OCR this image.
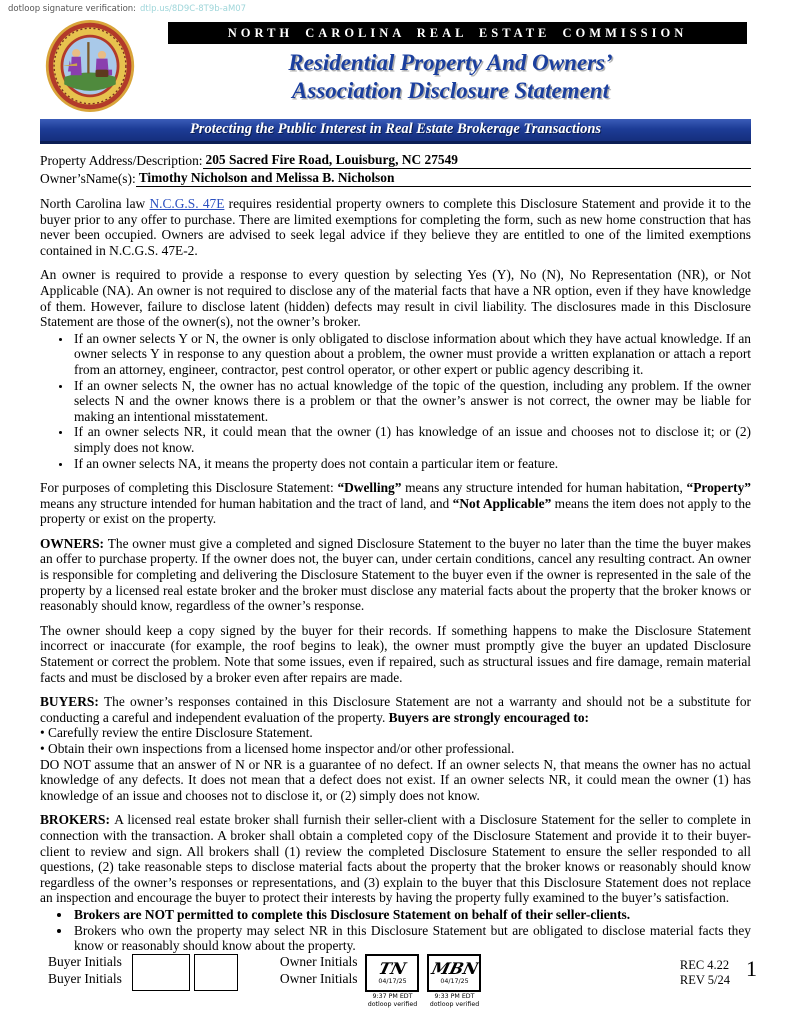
dotloop signature verification: dtlp.us/8D9C-8T9b-aM07
NORTH CAROLINA REAL ESTATE COMMISSION
Residential Property And Owners’
Association Disclosure Statement
Protecting the Public Interest in Real Estate Brokerage Transactions
Property Address/Description: 205 Sacred Fire Road, Louisburg, NC 27549
Owner’sName(s): Timothy Nicholson and Melissa B. Nicholson

North Carolina law N.C.G.S. 47E requires residential property owners to complete this Disclosure Statement and provide it to the buyer prior to any offer to purchase. There are limited exemptions for completing the form, such as new home construction that has never been occupied. Owners are advised to seek legal advice if they believe they are entitled to one of the limited exemptions contained in N.C.G.S. 47E-2.

An owner is required to provide a response to every question by selecting Yes (Y), No (N), No Representation (NR), or Not Applicable (NA). An owner is not required to disclose any of the material facts that have a NR option, even if they have knowledge of them. However, failure to disclose latent (hidden) defects may result in civil liability. The disclosures made in this Disclosure Statement are those of the owner(s), not the owner’s broker.

• If an owner selects Y or N, the owner is only obligated to disclose information about which they have actual knowledge. If an owner selects Y in response to any question about a problem, the owner must provide a written explanation or attach a report from an attorney, engineer, contractor, pest control operator, or other expert or public agency describing it.
• If an owner selects N, the owner has no actual knowledge of the topic of the question, including any problem. If the owner selects N and the owner knows there is a problem or that the owner’s answer is not correct, the owner may be liable for making an intentional misstatement.
• If an owner selects NR, it could mean that the owner (1) has knowledge of an issue and chooses not to disclose it; or (2) simply does not know.
• If an owner selects NA, it means the property does not contain a particular item or feature.

For purposes of completing this Disclosure Statement: “Dwelling” means any structure intended for human habitation, “Property” means any structure intended for human habitation and the tract of land, and “Not Applicable” means the item does not apply to the property or exist on the property.

OWNERS: The owner must give a completed and signed Disclosure Statement to the buyer no later than the time the buyer makes an offer to purchase property. If the owner does not, the buyer can, under certain conditions, cancel any resulting contract. An owner is responsible for completing and delivering the Disclosure Statement to the buyer even if the owner is represented in the sale of the property by a licensed real estate broker and the broker must disclose any material facts about the property that the broker knows or reasonably should know, regardless of the owner’s response.

The owner should keep a copy signed by the buyer for their records. If something happens to make the Disclosure Statement incorrect or inaccurate (for example, the roof begins to leak), the owner must promptly give the buyer an updated Disclosure Statement or correct the problem. Note that some issues, even if repaired, such as structural issues and fire damage, remain material facts and must be disclosed by a broker even after repairs are made.

BUYERS: The owner’s responses contained in this Disclosure Statement are not a warranty and should not be a substitute for conducting a careful and independent evaluation of the property. Buyers are strongly encouraged to:

• Carefully review the entire Disclosure Statement.

• Obtain their own inspections from a licensed home inspector and/or other professional.

DO NOT assume that an answer of N or NR is a guarantee of no defect. If an owner selects N, that means the owner has no actual knowledge of any defects. It does not mean that a defect does not exist. If an owner selects NR, it could mean the owner (1) has knowledge of an issue and chooses not to disclose it, or (2) simply does not know.

BROKERS: A licensed real estate broker shall furnish their seller-client with a Disclosure Statement for the seller to complete in connection with the transaction. A broker shall obtain a completed copy of the Disclosure Statement and provide it to their buyer-client to review and sign. All brokers shall (1) review the completed Disclosure Statement to ensure the seller responded to all questions, (2) take reasonable steps to disclose material facts about the property that the broker knows or reasonably should know regardless of the owner’s responses or representations, and (3) explain to the buyer that this Disclosure Statement does not replace an inspection and encourage the buyer to protect their interests by having the property fully examined to the buyer’s satisfaction.

• Brokers are NOT permitted to complete this Disclosure Statement on behalf of their seller-clients.
• Brokers who own the property may select NR in this Disclosure Statement but are obligated to disclose material facts they know or reasonably should know about the property.
Buyer Initials
Buyer Initials
Owner Initials
Owner Initials
TN
04/17/25
9:37 PM EDT
dotloop verified
MBN
04/17/25
9:33 PM EDT
dotloop verified
REC 4.22
REV 5/24 1
